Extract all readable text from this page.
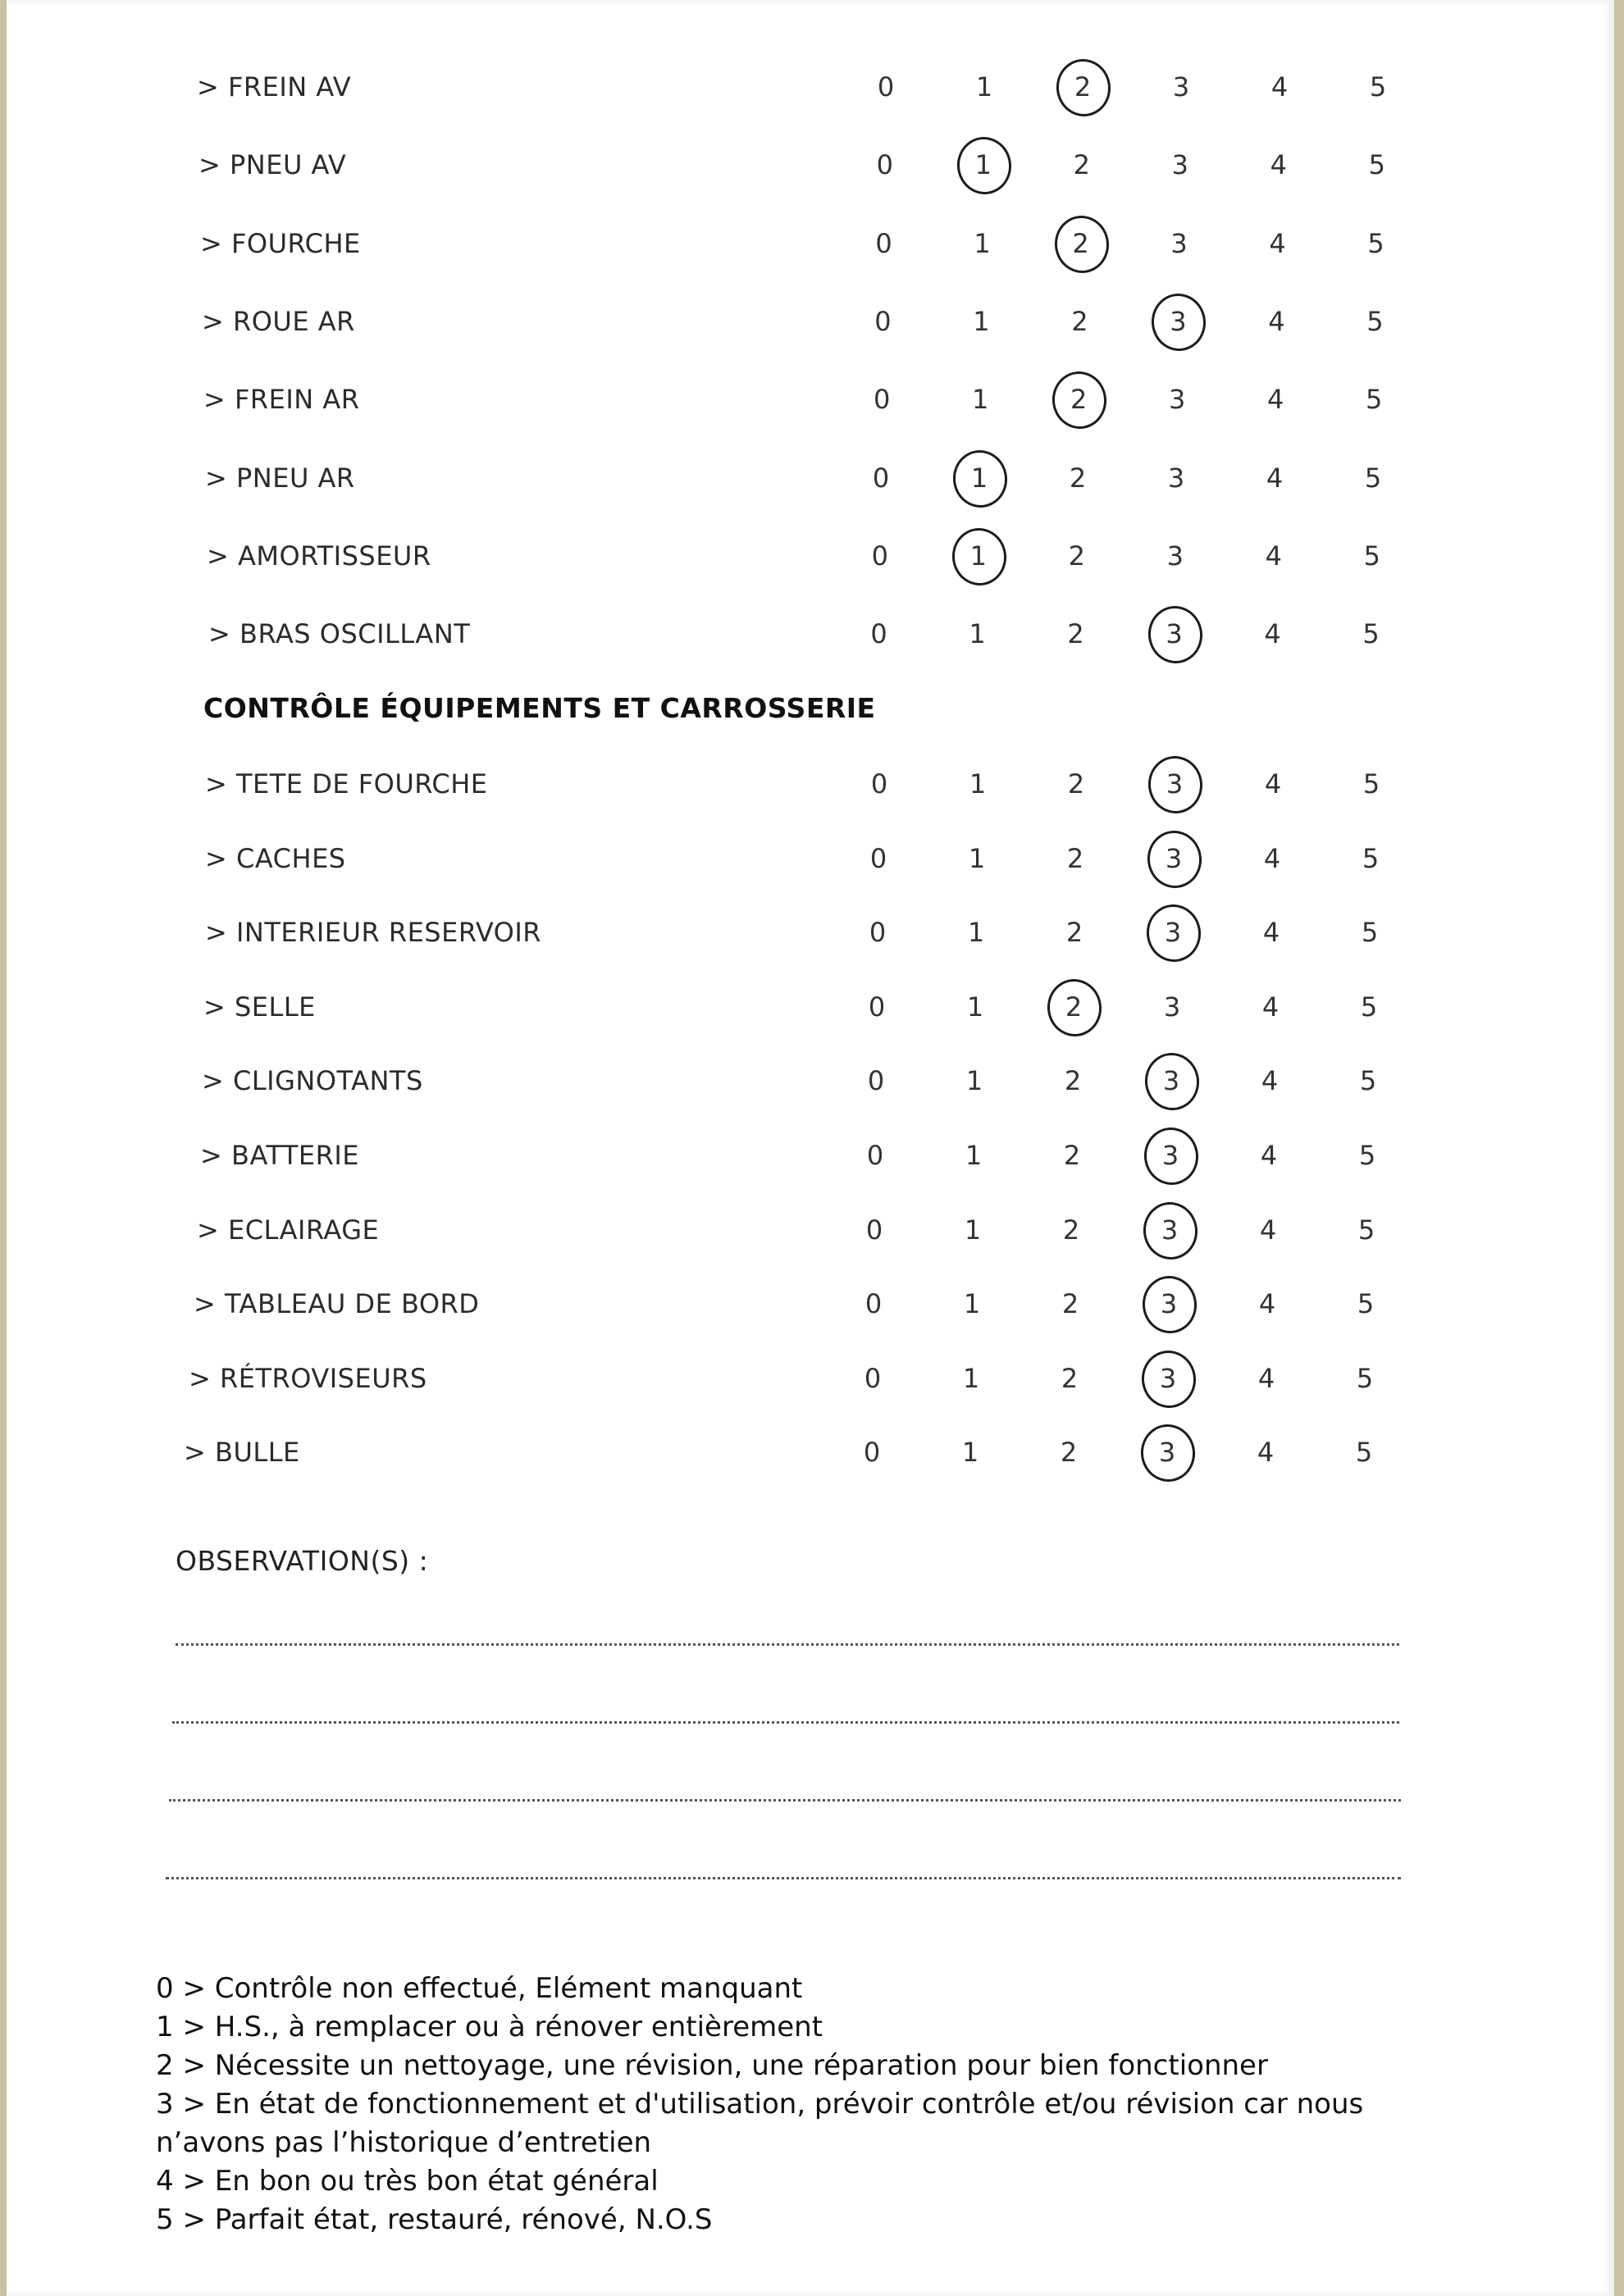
> FREIN AV	0	1	2	3	4	5
> PNEU AV	0	1	2	3	4	5
> FOURCHE	0	1	2	3	4	5
> ROUE AR	0	1	2	3	4	5
> FREIN AR	0	1	2	3	4	5
> PNEU AR	0	1	2	3	4	5
> AMORTISSEUR	0	1	2	3	4	5
> BRAS OSCILLANT	0	1	2	3	4	5
CONTRÔLE ÉQUIPEMENTS ET CARROSSERIE
> TETE DE FOURCHE	0	1	2	3	4	5
> CACHES	0	1	2	3	4	5
> INTERIEUR RESERVOIR	0	1	2	3	4	5
> SELLE	0	1	2	3	4	5
> CLIGNOTANTS	0	1	2	3	4	5
> BATTERIE	0	1	2	3	4	5
> ECLAIRAGE	0	1	2	3	4	5
> TABLEAU DE BORD	0	1	2	3	4	5
> RÉTROVISEURS	0	1	2	3	4	5
> BULLE	0	1	2	3	4	5
OBSERVATION(S) :
0 > Contrôle non effectué, Elément manquant
1 > H.S., à remplacer ou à rénover entièrement
2 > Nécessite un nettoyage, une révision, une réparation pour bien fonctionner
3 > En état de fonctionnement et d'utilisation, prévoir contrôle et/ou révision car nous n’avons pas l’historique d’entretien
4 > En bon ou très bon état général
5 > Parfait état, restauré, rénové, N.O.S
